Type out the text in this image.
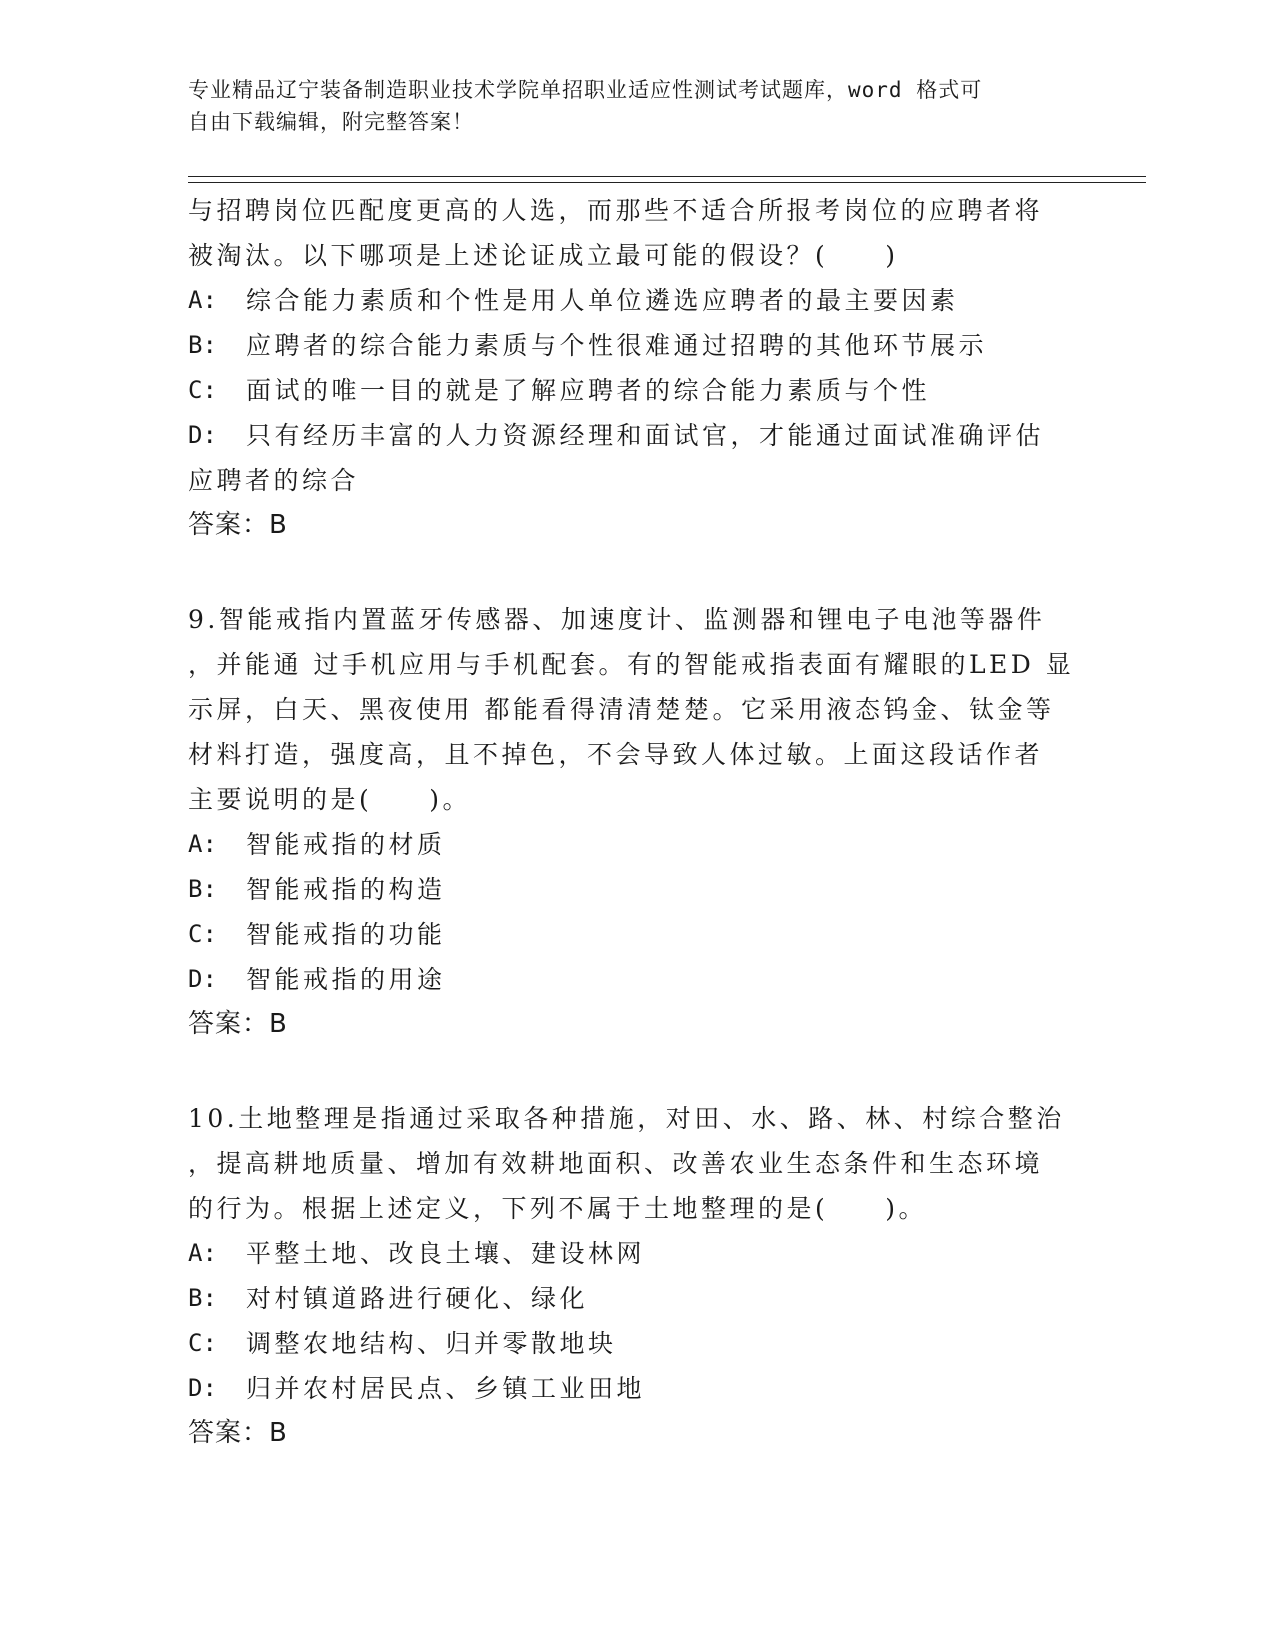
专业精品辽宁装备制造职业技术学院单招职业适应性测试考试题库，word 格式可
自由下载编辑，附完整答案！

与招聘岗位匹配度更高的人选，而那些不适合所报考岗位的应聘者将

被淘汰。以下哪项是上述论证成立最可能的假设？(　　)

A:	综合能力素质和个性是用人单位遴选应聘者的最主要因素
B:	应聘者的综合能力素质与个性很难通过招聘的其他环节展示
C:	面试的唯一目的就是了解应聘者的综合能力素质与个性
D:	只有经历丰富的人力资源经理和面试官，才能通过面试准确评估

应聘者的综合

答案：B

9.智能戒指内置蓝牙传感器、加速度计、监测器和锂电子电池等器件

，并能通 过手机应用与手机配套。有的智能戒指表面有耀眼的LED 显

示屏，白天、黑夜使用 都能看得清清楚楚。它采用液态钨金、钛金等

材料打造，强度高，且不掉色，不会导致人体过敏。上面这段话作者

主要说明的是(　　)。

A:	智能戒指的材质
B:	智能戒指的构造
C:	智能戒指的功能
D:	智能戒指的用途

答案：B

10.土地整理是指通过采取各种措施，对田、水、路、林、村综合整治

，提高耕地质量、增加有效耕地面积、改善农业生态条件和生态环境

的行为。根据上述定义，下列不属于土地整理的是(　　)。

A:	平整土地、改良土壤、建设林网
B:	对村镇道路进行硬化、绿化
C:	调整农地结构、归并零散地块
D:	归并农村居民点、乡镇工业田地

答案：B
